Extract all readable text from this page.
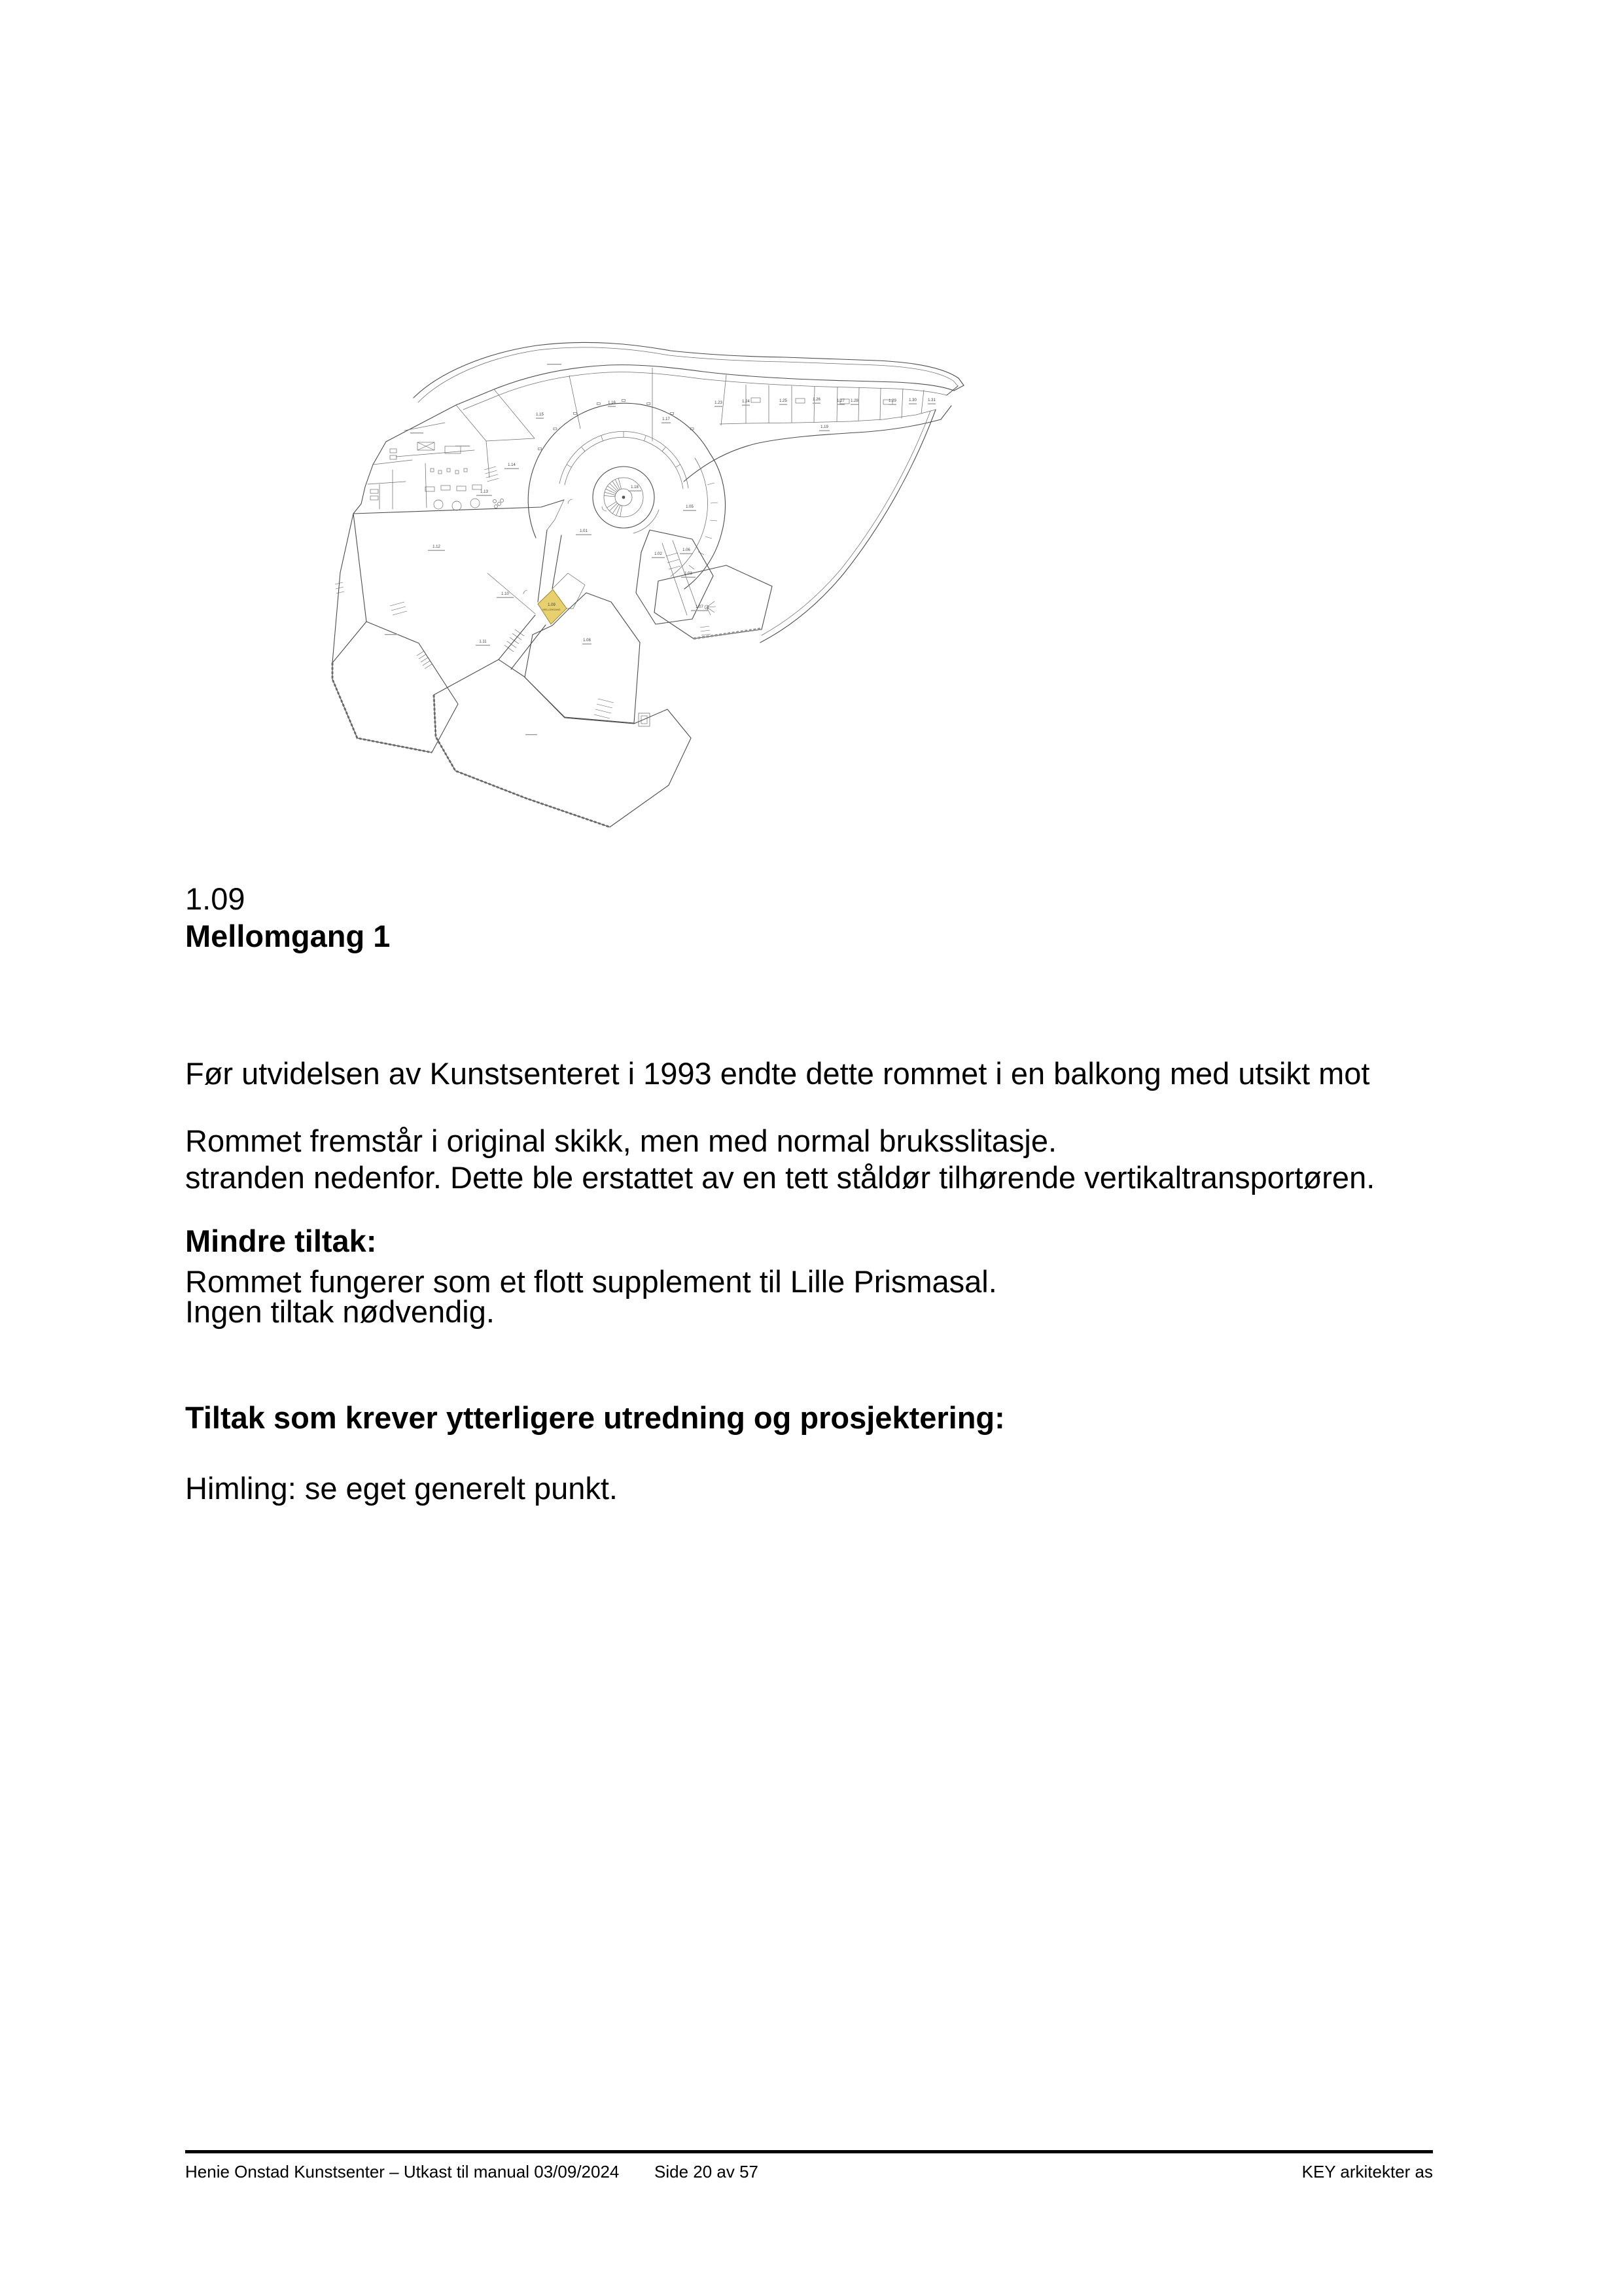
1.01
1.02
1.03
1.05
1.06
1.07
1.08
1.09
MELLOMGANG
1.10
1.11
1.12
1.13
1.14
1.15
1.16
1.17
1.18
1.19
1.23	1.24	1.25	1.26	1.27 1.28	1.29	1.30	1.31
1.09
Mellomgang 1

Før utvidelsen av Kunstsenteret i 1993 endte dette rommet i en balkong med utsikt mot

stranden nedenfor. Dette ble erstattet av en tett ståldør tilhørende vertikaltransportøren.

Rommet fungerer som et flott supplement til Lille Prismasal.

Rommet fremstår i original skikk, men med normal bruksslitasje.
Mindre tiltak:
Ingen tiltak nødvendig.
Tiltak som krever ytterligere utredning og prosjektering:
Himling: se eget generelt punkt.
Henie Onstad Kunstsenter – Utkast til manual 03/09/2024 Side 20 av 57	KEY arkitekter as
